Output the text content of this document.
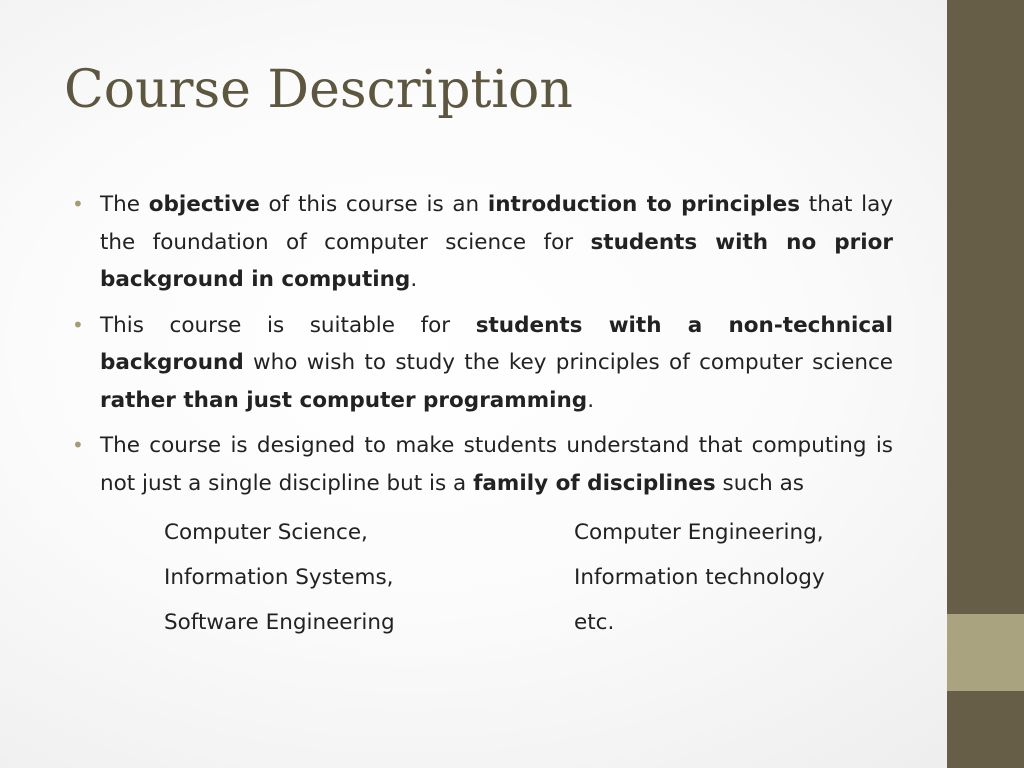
Course Description
• The objective of this course is an introduction to principles that lay the foundation of computer science for students with no prior background in computing.
• This course is suitable for students with a non-technical background who wish to study the key principles of computer science rather than just computer programming.
• The course is designed to make students understand that computing is not just a single discipline but is a family of disciplines such as
Computer Science,	Computer Engineering,
Information Systems,	Information technology
Software Engineering	etc.
